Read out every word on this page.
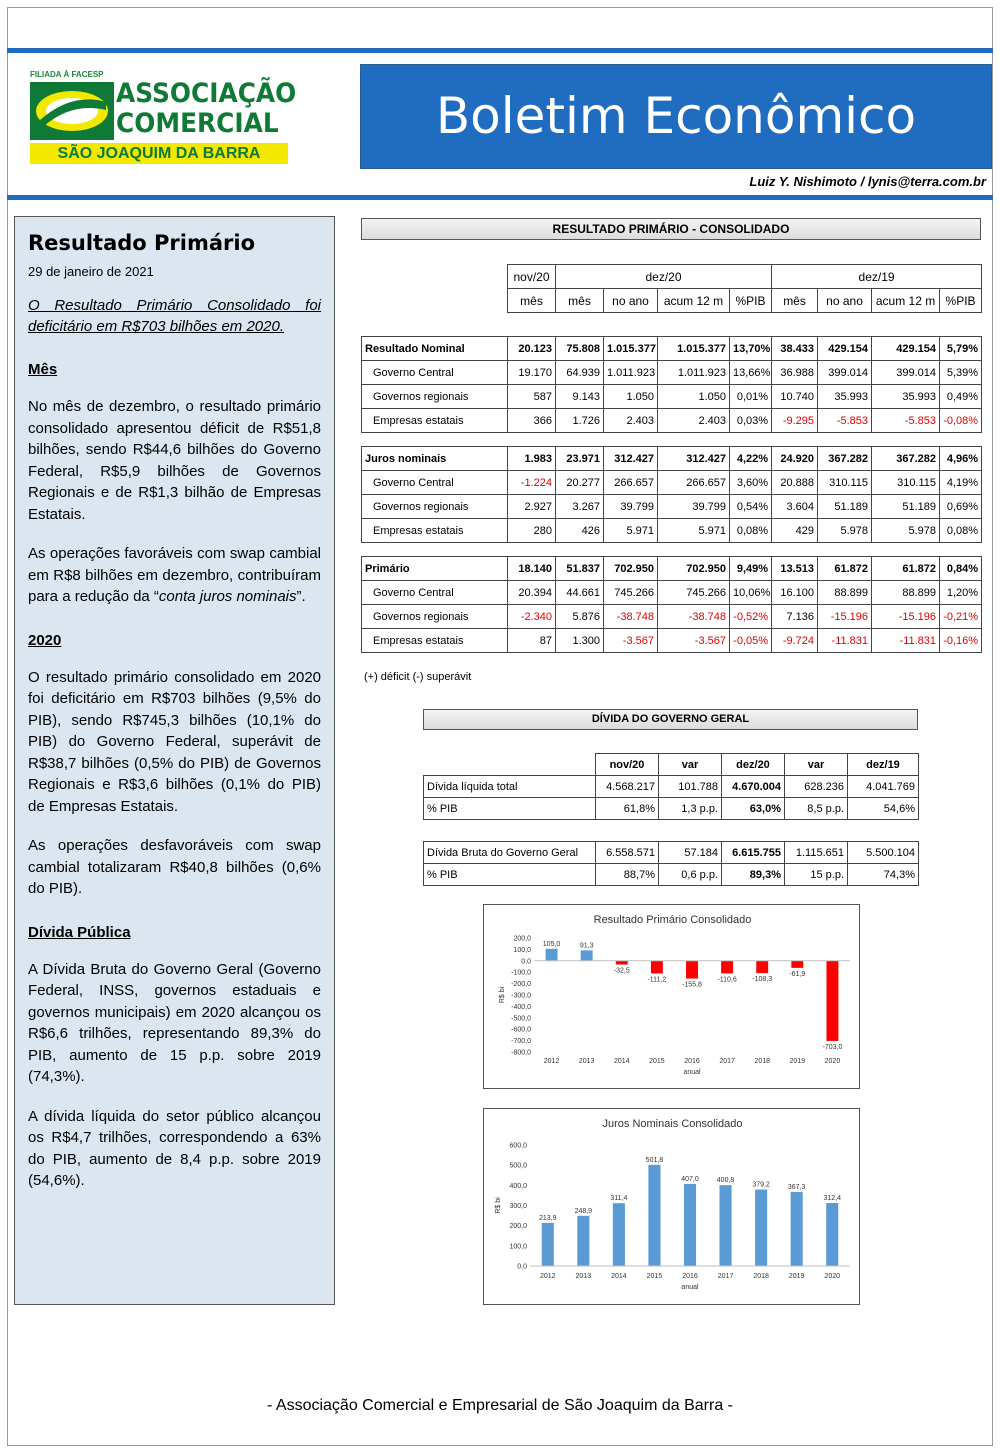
FILIADA À FACESP
ASSOCIAÇÃO
COMERCIAL
SÃO JOAQUIM DA BARRA
Boletim Econômico
Luiz Y. Nishimoto / lynis@terra.com.br
Resultado Primário
29 de janeiro de 2021
O Resultado Primário Consolidado foi deficitário em R$703 bilhões em 2020.
Mês
No mês de dezembro, o resultado primário consolidado apresentou déficit de R$51,8 bilhões, sendo R$44,6 bilhões do Governo Federal, R$5,9 bilhões de Governos Regionais e de R$1,3 bilhão de Empresas Estatais.
As operações favoráveis com swap cambial em R$8 bilhões em dezembro, contribuíram para a redução da “conta juros nominais”.
2020
O resultado primário consolidado em 2020 foi deficitário em R$703 bilhões (9,5% do PIB), sendo R$745,3 bilhões (10,1% do PIB) do Governo Federal, superávit de R$38,7 bilhões (0,5% do PIB) de Governos Regionais e R$3,6 bilhões (0,1% do PIB) de Empresas Estatais.
As operações desfavoráveis com swap cambial totalizaram R$40,8 bilhões (0,6% do PIB).
Dívida Pública
A Dívida Bruta do Governo Geral (Governo Federal, INSS, governos estaduais e governos municipais) em 2020 alcançou os R$6,6 trilhões, representando 89,3% do PIB, aumento de 15 p.p. sobre 2019 (74,3%).
A dívida líquida do setor público alcançou os R$4,7 trilhões, correspondendo a 63% do PIB, aumento de 8,4 p.p. sobre 2019 (54,6%).
RESULTADO PRIMÁRIO - CONSOLIDADO
	nov/20	dez/20				dez/19			
	mês	mês	no ano	acum 12 m	%PIB	mês	no ano	acum 12 m	%PIB

Resultado Nominal	20.123	75.808	1.015.377	1.015.377	13,70%	38.433	429.154	429.154	5,79%
Governo Central	19.170	64.939	1.011.923	1.011.923	13,66%	36.988	399.014	399.014	5,39%
Governos regionais	587	9.143	1.050	1.050	0,01%	10.740	35.993	35.993	0,49%
Empresas estatais	366	1.726	2.403	2.403	0,03%	-9.295	-5.853	-5.853	-0,08%

Juros nominais	1.983	23.971	312.427	312.427	4,22%	24.920	367.282	367.282	4,96%
Governo Central	-1.224	20.277	266.657	266.657	3,60%	20.888	310.115	310.115	4,19%
Governos regionais	2.927	3.267	39.799	39.799	0,54%	3.604	51.189	51.189	0,69%
Empresas estatais	280	426	5.971	5.971	0,08%	429	5.978	5.978	0,08%

Primário	18.140	51.837	702.950	702.950	9,49%	13.513	61.872	61.872	0,84%
Governo Central	20.394	44.661	745.266	745.266	10,06%	16.100	88.899	88.899	1,20%
Governos regionais	-2.340	5.876	-38.748	-38.748	-0,52%	7.136	-15.196	-15.196	-0,21%
Empresas estatais	87	1.300	-3.567	-3.567	-0,05%	-9.724	-11.831	-11.831	-0,16%
(+) déficit (-) superávit
DÍVIDA DO GOVERNO GERAL
	nov/20	var	dez/20	var	dez/19
Dívida líquida total	4.568.217	101.788	4.670.004	628.236	4.041.769
% PIB	61,8%	1,3 p.p.	63,0%	8,5 p.p.	54,6%

Dívida Bruta do Governo Geral	6.558.571	57.184	6.615.755	1.115.651	5.500.104
% PIB	88,7%	0,6 p.p.	89,3%	15 p.p.	74,3%
Resultado Primário Consolidado
R$ bi
200,0
100,0
0,0
-100,0
-200,0
-300,0
-400,0
-500,0
-600,0
-700,0
-800,0
105,0
2012
91,3
2013
-32,5
2014
-111,2
2015
-155,8
2016
-110,6
2017
-108,3
2018
-61,9
2019
-703,0
2020
anual
Juros Nominais Consolidado
R$ bi
600,0
500,0
400,0
300,0
200,0
100,0
0,0
213,9
2012
248,9
2013
311,4
2014
501,8
2015
407,0
2016
400,8
2017
379,2
2018
367,3
2019
312,4
2020
anual
- Associação Comercial e Empresarial de São Joaquim da Barra -
